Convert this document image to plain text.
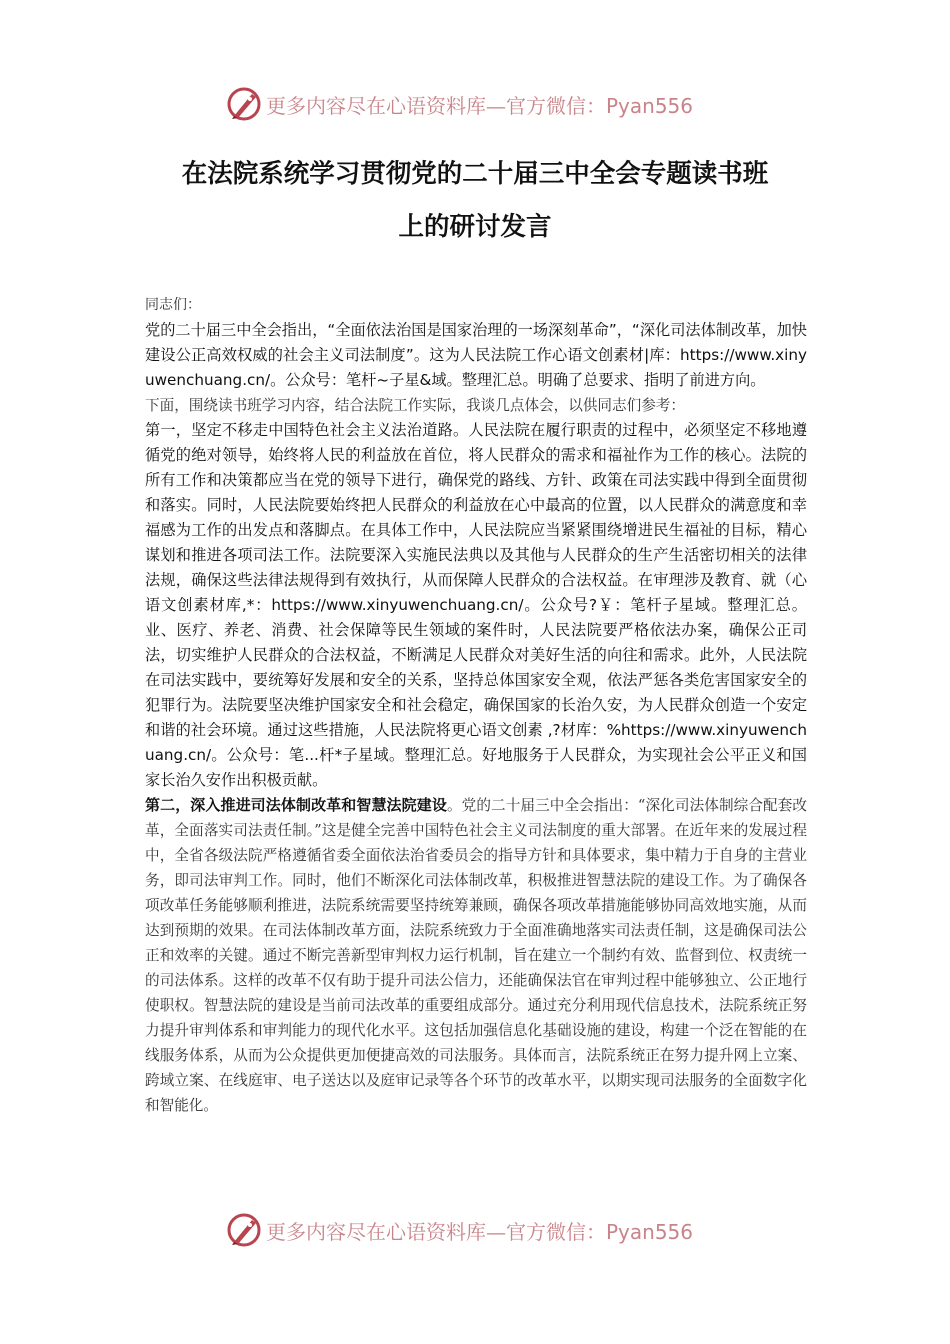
更多内容尽在心语资料库—官方微信：Pyan556
在法院系统学习贯彻党的二十届三中全会专题读书班
上的研讨发言

同志们：

党的二十届三中全会指出，“全面依法治国是国家治理的一场深刻革命”，“深化司法体制改革，加快建设公正高效权威的社会主义司法制度”。这为人民法院工作心语文创素材|库：https://www.xinyuwenchuang.cn/。公众号：笔杆~子星&域。整理汇总。明确了总要求、指明了前进方向。

下面，围绕读书班学习内容，结合法院工作实际，我谈几点体会，以供同志们参考：

第一，坚定不移走中国特色社会主义法治道路。人民法院在履行职责的过程中，必须坚定不移地遵循党的绝对领导，始终将人民的利益放在首位，将人民群众的需求和福祉作为工作的核心。法院的所有工作和决策都应当在党的领导下进行，确保党的路线、方针、政策在司法实践中得到全面贯彻和落实。同时，人民法院要始终把人民群众的利益放在心中最高的位置，以人民群众的满意度和幸福感为工作的出发点和落脚点。在具体工作中，人民法院应当紧紧围绕增进民生福祉的目标，精心谋划和推进各项司法工作。法院要深入实施民法典以及其他与人民群众的生产生活密切相关的法律法规，确保这些法律法规得到有效执行，从而保障人民群众的合法权益。在审理涉及教育、就（心语文创素材库,*：https://www.xinyuwenchuang.cn/。公众号?￥：笔杆子星域。整理汇总。业、医疗、养老、消费、社会保障等民生领域的案件时，人民法院要严格依法办案，确保公正司法，切实维护人民群众的合法权益，不断满足人民群众对美好生活的向往和需求。此外，人民法院在司法实践中，要统筹好发展和安全的关系，坚持总体国家安全观，依法严惩各类危害国家安全的犯罪行为。法院要坚决维护国家安全和社会稳定，确保国家的长治久安，为人民群众创造一个安定和谐的社会环境。通过这些措施，人民法院将更心语文创素 ,?材库：%https://www.xinyuwenchuang.cn/。公众号：笔...杆*子星域。整理汇总。好地服务于人民群众，为实现社会公平正义和国家长治久安作出积极贡献。

第二，深入推进司法体制改革和智慧法院建设。党的二十届三中全会指出：“深化司法体制综合配套改革，全面落实司法责任制。”这是健全完善中国特色社会主义司法制度的重大部署。在近年来的发展过程中，全省各级法院严格遵循省委全面依法治省委员会的指导方针和具体要求，集中精力于自身的主营业务，即司法审判工作。同时，他们不断深化司法体制改革，积极推进智慧法院的建设工作。为了确保各项改革任务能够顺利推进，法院系统需要坚持统筹兼顾，确保各项改革措施能够协同高效地实施，从而达到预期的效果。在司法体制改革方面，法院系统致力于全面准确地落实司法责任制，这是确保司法公正和效率的关键。通过不断完善新型审判权力运行机制，旨在建立一个制约有效、监督到位、权责统一的司法体系。这样的改革不仅有助于提升司法公信力，还能确保法官在审判过程中能够独立、公正地行使职权。智慧法院的建设是当前司法改革的重要组成部分。通过充分利用现代信息技术，法院系统正努力提升审判体系和审判能力的现代化水平。这包括加强信息化基础设施的建设，构建一个泛在智能的在线服务体系，从而为公众提供更加便捷高效的司法服务。具体而言，法院系统正在努力提升网上立案、跨域立案、在线庭审、电子送达以及庭审记录等各个环节的改革水平，以期实现司法服务的全面数字化和智能化。

更多内容尽在心语资料库—官方微信：Pyan556
